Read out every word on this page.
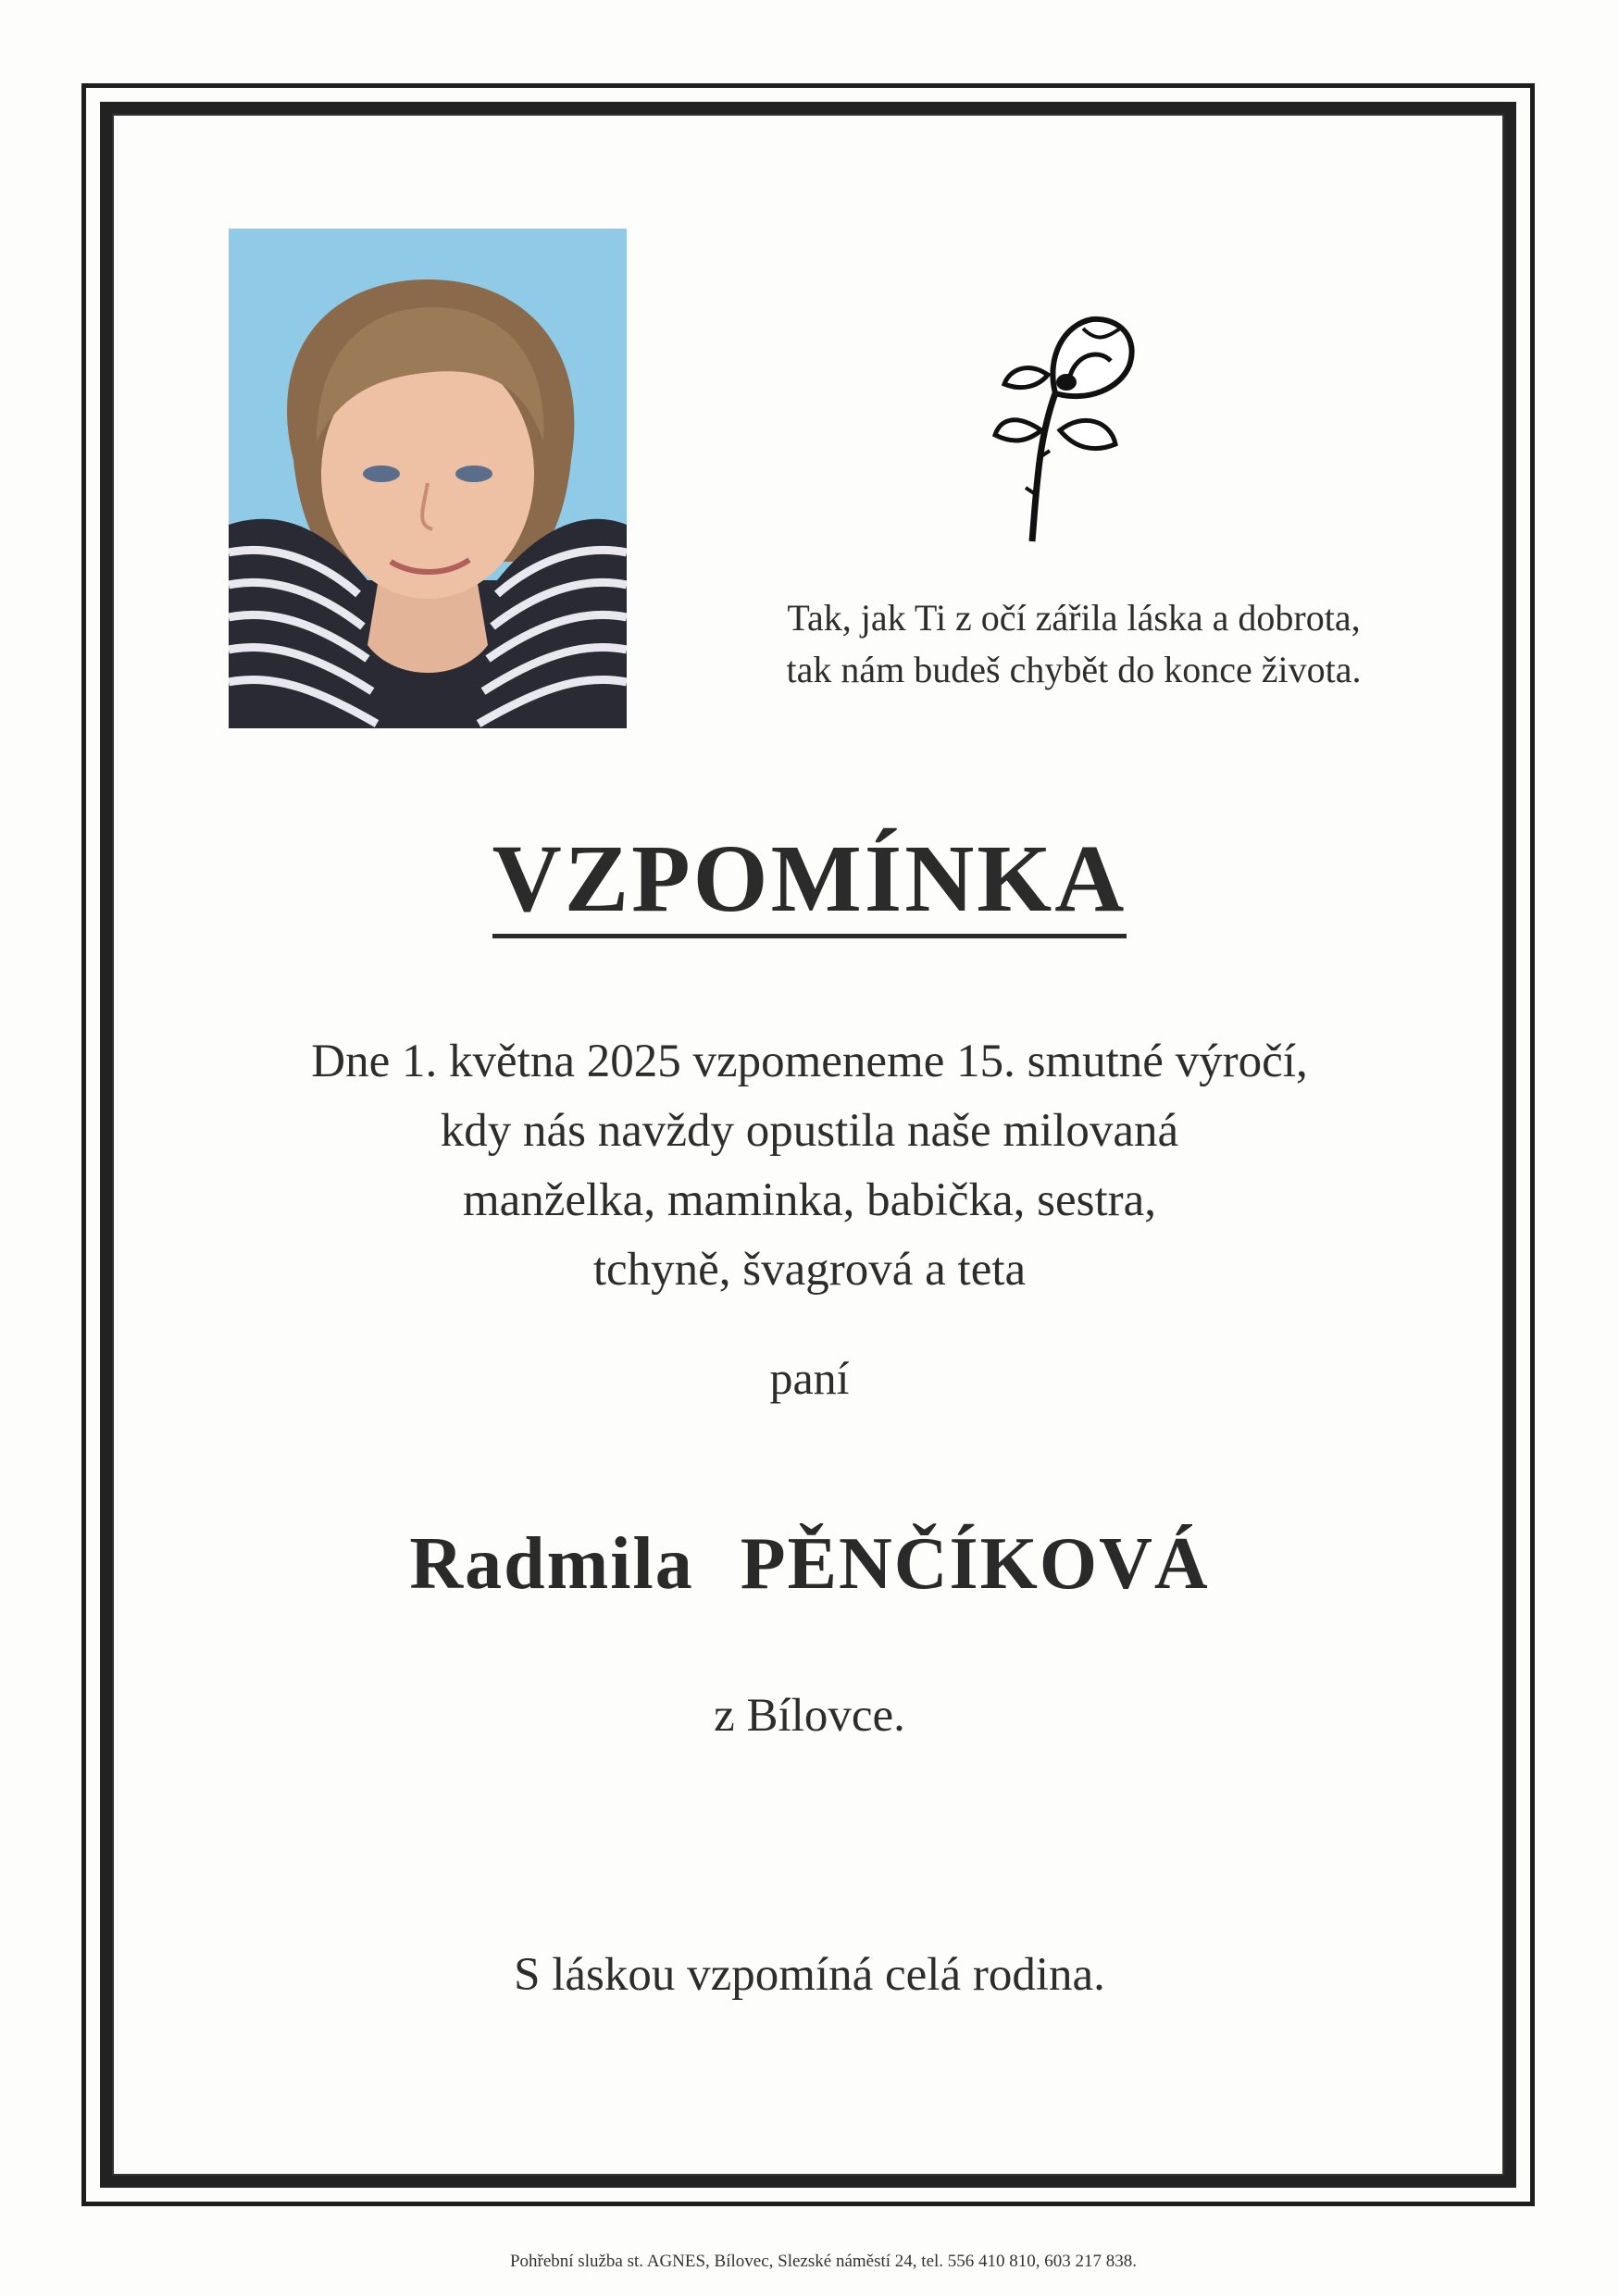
Tak, jak Ti z očí zářila láska a dobrota,
tak nám budeš chybět do konce života.
VZPOMÍNKA
Dne 1. května 2025 vzpomeneme 15. smutné výročí,
kdy nás navždy opustila naše milovaná
manželka, maminka, babička, sestra,
tchyně, švagrová a teta
paní
Radmila PĚNČÍKOVÁ
z Bílovce.
S láskou vzpomíná celá rodina.
Pohřební služba st. AGNES, Bílovec, Slezské náměstí 24, tel. 556 410 810, 603 217 838.
